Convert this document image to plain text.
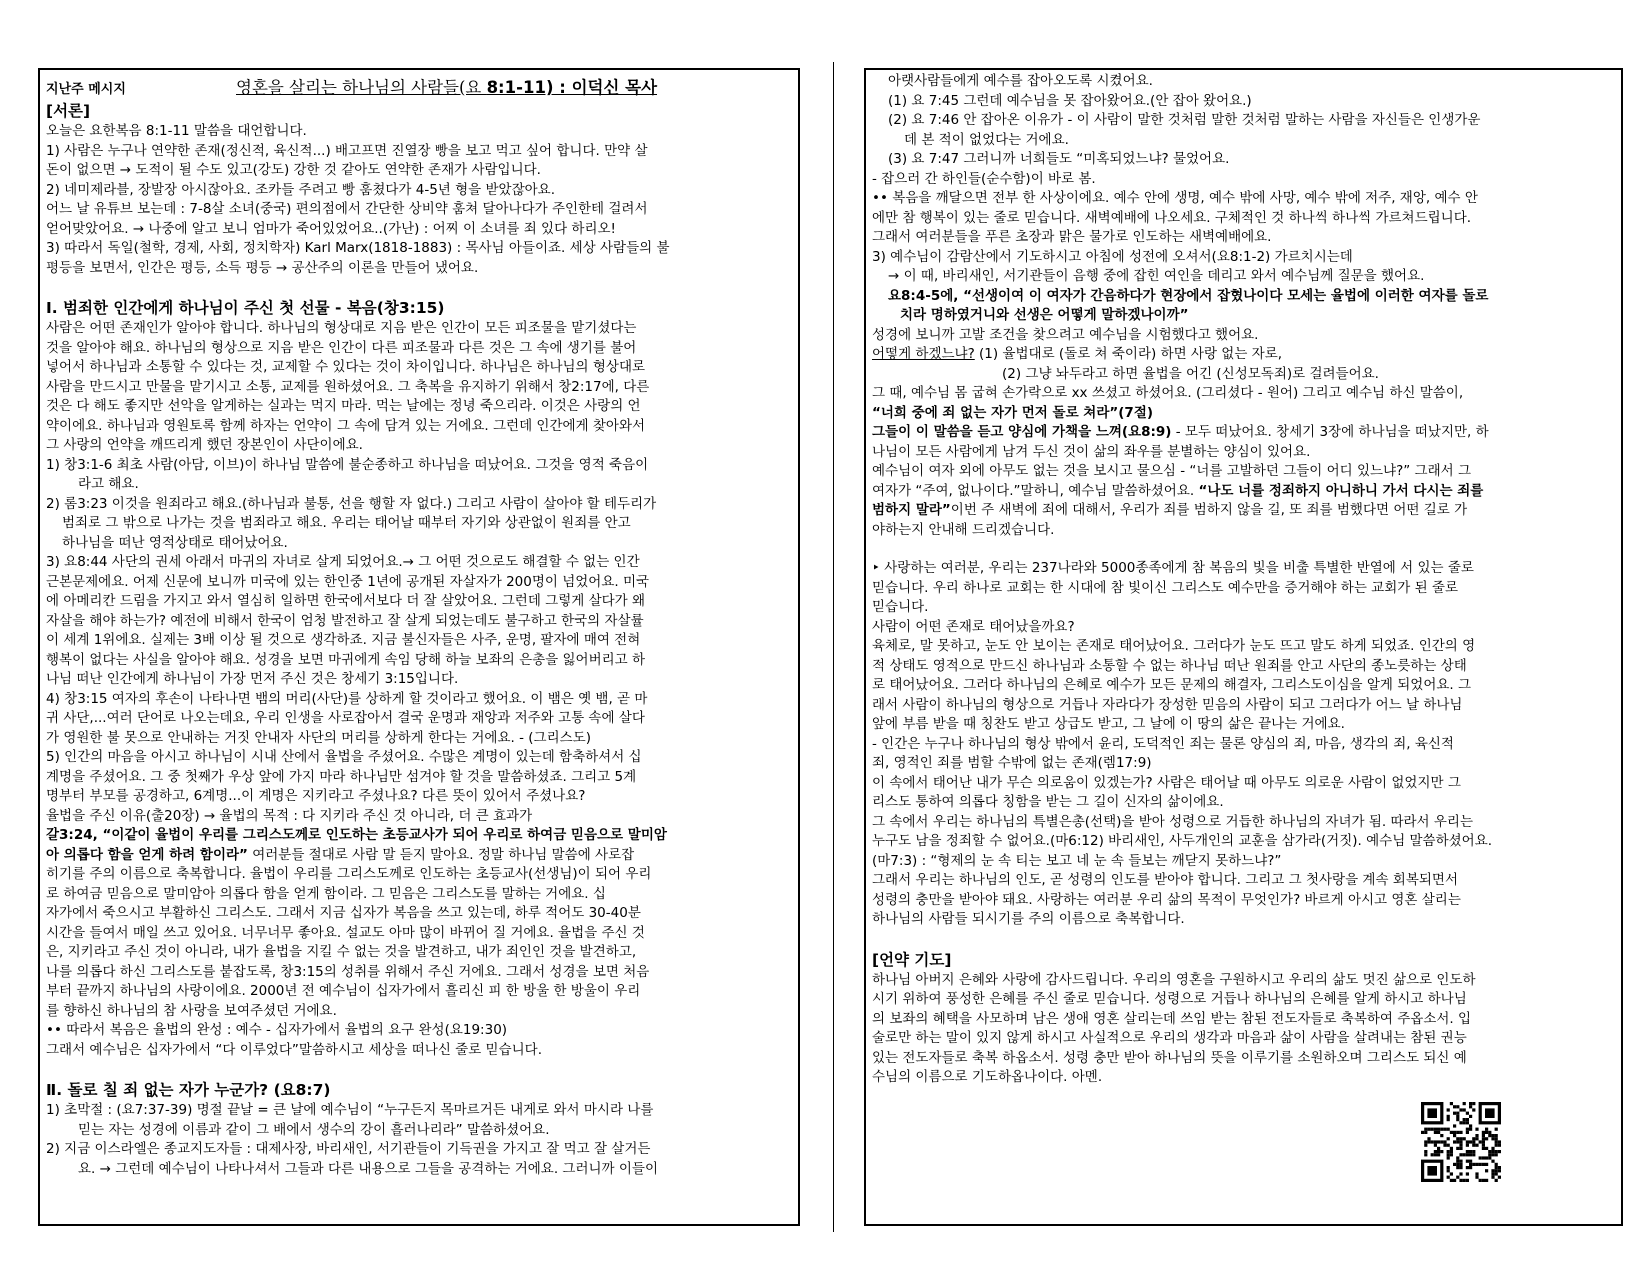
지난주 메시지	영혼을 살리는 하나님의 사람들(요 8:1-11) : 이덕신 목사
[서론]
오늘은 요한복음 8:1-11 말씀을 대언합니다.
1) 사람은 누구나 연약한 존재(정신적, 육신적...) 배고프면 진열장 빵을 보고 먹고 싶어 합니다. 만약 살
돈이 없으면 → 도적이 될 수도 있고(강도) 강한 것 같아도 연약한 존재가 사람입니다.
2) 네미제라블, 장발장 아시잖아요. 조카들 주려고 빵 훔쳤다가 4-5년 형을 받았잖아요.
어느 날 유튜브 보는데 : 7-8살 소녀(중국) 편의점에서 간단한 상비약 훔쳐 달아나다가 주인한테 걸려서
얻어맞았어요. → 나중에 알고 보니 엄마가 죽어있었어요..(가난) : 어찌 이 소녀를 죄 있다 하리오!
3) 따라서 독일(철학, 경제, 사회, 정치학자) Karl Marx(1818-1883) : 목사님 아들이죠. 세상 사람들의 불
평등을 보면서, 인간은 평등, 소득 평등 → 공산주의 이론을 만들어 냈어요.
Ⅰ. 범죄한 인간에게 하나님이 주신 첫 선물 - 복음(창3:15)
사람은 어떤 존재인가 알아야 합니다. 하나님의 형상대로 지음 받은 인간이 모든 피조물을 맡기셨다는
것을 알아야 해요. 하나님의 형상으로 지음 받은 인간이 다른 피조물과 다른 것은 그 속에 생기를 불어
넣어서 하나님과 소통할 수 있다는 것, 교제할 수 있다는 것이 차이입니다. 하나님은 하나님의 형상대로
사람을 만드시고 만물을 맡기시고 소통, 교제를 원하셨어요. 그 축복을 유지하기 위해서 창2:17에, 다른
것은 다 해도 좋지만 선악을 알게하는 실과는 먹지 마라. 먹는 날에는 정녕 죽으리라. 이것은 사랑의 언
약이에요. 하나님과 영원토록 함께 하자는 언약이 그 속에 담겨 있는 거에요. 그런데 인간에게 찾아와서
그 사랑의 언약을 깨뜨리게 했던 장본인이 사단이에요.
1) 창3:1-6 최초 사람(아담, 이브)이 하나님 말씀에 불순종하고 하나님을 떠났어요. 그것을 영적 죽음이
라고 해요.
2) 롬3:23 이것을 원죄라고 해요.(하나님과 불통, 선을 행할 자 없다.) 그리고 사람이 살아야 할 테두리가
범죄로 그 밖으로 나가는 것을 범죄라고 해요. 우리는 태어날 때부터 자기와 상관없이 원죄를 안고
하나님을 떠난 영적상태로 태어났어요.
3) 요8:44 사단의 권세 아래서 마귀의 자녀로 살게 되었어요.→ 그 어떤 것으로도 해결할 수 없는 인간
근본문제에요. 어제 신문에 보니까 미국에 있는 한인중 1년에 공개된 자살자가 200명이 넘었어요. 미국
에 아메리칸 드림을 가지고 와서 열심히 일하면 한국에서보다 더 잘 살았어요. 그런데 그렇게 살다가 왜
자살을 해야 하는가? 예전에 비해서 한국이 엄청 발전하고 잘 살게 되었는데도 불구하고 한국의 자살률
이 세계 1위에요. 실제는 3배 이상 될 것으로 생각하죠. 지금 불신자들은 사주, 운명, 팔자에 매여 전혀
행복이 없다는 사실을 알아야 해요. 성경을 보면 마귀에게 속임 당해 하늘 보좌의 은총을 잃어버리고 하
나님 떠난 인간에게 하나님이 가장 먼저 주신 것은 창세기 3:15입니다.
4) 창3:15 여자의 후손이 나타나면 뱀의 머리(사단)를 상하게 할 것이라고 했어요. 이 뱀은 옛 뱀, 곧 마
귀 사단,...여러 단어로 나오는데요, 우리 인생을 사로잡아서 결국 운명과 재앙과 저주와 고통 속에 살다
가 영원한 불 못으로 안내하는 거짓 안내자 사단의 머리를 상하게 한다는 거에요. - (그리스도)
5) 인간의 마음을 아시고 하나님이 시내 산에서 율법을 주셨어요. 수많은 계명이 있는데 함축하셔서 십
계명을 주셨어요. 그 중 첫째가 우상 앞에 가지 마라 하나님만 섬겨야 할 것을 말씀하셨죠. 그리고 5계
명부터 부모를 공경하고, 6계명...이 계명은 지키라고 주셨나요? 다른 뜻이 있어서 주셨나요?
율법을 주신 이유(출20장) → 율법의 목적 : 다 지키라 주신 것 아니라, 더 큰 효과가
갈3:24, “이같이 율법이 우리를 그리스도께로 인도하는 초등교사가 되어 우리로 하여금 믿음으로 말미암
아 의롭다 함을 얻게 하려 함이라” 여러분들 절대로 사람 말 듣지 말아요. 정말 하나님 말씀에 사로잡
히기를 주의 이름으로 축복합니다. 율법이 우리를 그리스도께로 인도하는 초등교사(선생님)이 되어 우리
로 하여금 믿음으로 말미암아 의롭다 함을 얻게 함이라. 그 믿음은 그리스도를 말하는 거에요. 십
자가에서 죽으시고 부활하신 그리스도. 그래서 지금 십자가 복음을 쓰고 있는데, 하루 적어도 30-40분
시간을 들여서 매일 쓰고 있어요. 너무너무 좋아요. 설교도 아마 많이 바뀌어 질 거에요. 율법을 주신 것
은, 지키라고 주신 것이 아니라, 내가 율법을 지킬 수 없는 것을 발견하고, 내가 죄인인 것을 발견하고,
나를 의롭다 하신 그리스도를 붙잡도록, 창3:15의 성취를 위해서 주신 거에요. 그래서 성경을 보면 처음
부터 끝까지 하나님의 사랑이에요. 2000년 전 예수님이 십자가에서 흘리신 피 한 방울 한 방울이 우리
를 향하신 하나님의 참 사랑을 보여주셨던 거에요.
•• 따라서 복음은 율법의 완성 : 예수 - 십자가에서 율법의 요구 완성(요19:30)
그래서 예수님은 십자가에서 “다 이루었다”말씀하시고 세상을 떠나신 줄로 믿습니다.
Ⅱ. 돌로 칠 죄 없는 자가 누군가? (요8:7)
1) 초막절 : (요7:37-39) 명절 끝날 = 큰 날에 예수님이 “누구든지 목마르거든 내게로 와서 마시라 나를
믿는 자는 성경에 이름과 같이 그 배에서 생수의 강이 흘러나리라” 말씀하셨어요.
2) 지금 이스라엘은 종교지도자들 : 대제사장, 바리새인, 서기관들이 기득권을 가지고 잘 먹고 잘 살거든
요. → 그런데 예수님이 나타나셔서 그들과 다른 내용으로 그들을 공격하는 거에요. 그러니까 이들이
아랫사람들에게 예수를 잡아오도록 시켰어요.
(1) 요 7:45 그런데 예수님을 못 잡아왔어요.(안 잡아 왔어요.)
(2) 요 7:46 안 잡아온 이유가 - 이 사람이 말한 것처럼 말한 것처럼 말하는 사람을 자신들은 인생가운
데 본 적이 없었다는 거에요.
(3) 요 7:47 그러니까 너희들도 “미혹되었느냐? 물었어요.
- 잡으러 간 하인들(순수함)이 바로 봄.
•• 복음을 깨달으면 전부 한 사상이에요. 예수 안에 생명, 예수 밖에 사망, 예수 밖에 저주, 재앙, 예수 안
에만 참 행복이 있는 줄로 믿습니다. 새벽예배에 나오세요. 구체적인 것 하나씩 하나씩 가르쳐드립니다.
그래서 여러분들을 푸른 초장과 맑은 물가로 인도하는 새벽예배에요.
3) 예수님이 감람산에서 기도하시고 아침에 성전에 오셔서(요8:1-2) 가르치시는데
→ 이 때, 바리새인, 서기관들이 음행 중에 잡힌 여인을 데리고 와서 예수님께 질문을 했어요.
요8:4-5에, “선생이여 이 여자가 간음하다가 현장에서 잡혔나이다 모세는 율법에 이러한 여자를 돌로
치라 명하였거니와 선생은 어떻게 말하겠나이까”
성경에 보니까 고발 조건을 찾으려고 예수님을 시험했다고 했어요.
어떻게 하겠느냐? (1) 율법대로 (돌로 쳐 죽이라) 하면 사랑 없는 자로,
(2) 그냥 놔두라고 하면 율법을 어긴 (신성모독죄)로 걸려들어요.
그 때, 예수님 몸 굽혀 손가락으로 xx 쓰셨고 하셨어요. (그리셨다 - 원어) 그리고 예수님 하신 말씀이,
“너희 중에 죄 없는 자가 먼저 돌로 쳐라”(7절)
그들이 이 말씀을 듣고 양심에 가책을 느껴(요8:9) - 모두 떠났어요. 창세기 3장에 하나님을 떠났지만, 하
나님이 모든 사람에게 남겨 두신 것이 삶의 좌우를 분별하는 양심이 있어요.
예수님이 여자 외에 아무도 없는 것을 보시고 물으심 - “너를 고발하던 그들이 어디 있느냐?” 그래서 그
여자가 “주여, 없나이다.”말하니, 예수님 말씀하셨어요. “나도 너를 정죄하지 아니하니 가서 다시는 죄를
범하지 말라”이번 주 새벽에 죄에 대해서, 우리가 죄를 범하지 않을 길, 또 죄를 범했다면 어떤 길로 가
야하는지 안내해 드리겠습니다.
‣ 사랑하는 여러분, 우리는 237나라와 5000종족에게 참 복음의 빛을 비출 특별한 반열에 서 있는 줄로
믿습니다. 우리 하나로 교회는 한 시대에 참 빛이신 그리스도 예수만을 증거해야 하는 교회가 된 줄로
믿습니다.
사람이 어떤 존재로 태어났을까요?
육체로, 말 못하고, 눈도 안 보이는 존재로 태어났어요. 그러다가 눈도 뜨고 말도 하게 되었죠. 인간의 영
적 상태도 영적으로 만드신 하나님과 소통할 수 없는 하나님 떠난 원죄를 안고 사단의 종노릇하는 상태
로 태어났어요. 그러다 하나님의 은혜로 예수가 모든 문제의 해결자, 그리스도이심을 알게 되었어요. 그
래서 사람이 하나님의 형상으로 거듭나 자라다가 장성한 믿음의 사람이 되고 그러다가 어느 날 하나님
앞에 부름 받을 때 칭찬도 받고 상급도 받고, 그 날에 이 땅의 삶은 끝나는 거에요.
- 인간은 누구나 하나님의 형상 밖에서 윤리, 도덕적인 죄는 물론 양심의 죄, 마음, 생각의 죄, 육신적
죄, 영적인 죄를 범할 수밖에 없는 존재(렘17:9)
이 속에서 태어난 내가 무슨 의로움이 있겠는가? 사람은 태어날 때 아무도 의로운 사람이 없었지만 그
리스도 통하여 의롭다 칭함을 받는 그 길이 신자의 삶이에요.
그 속에서 우리는 하나님의 특별은총(선택)을 받아 성령으로 거듭한 하나님의 자녀가 됨. 따라서 우리는
누구도 남을 정죄할 수 없어요.(마6:12) 바리새인, 사두개인의 교훈을 삼가라(거짓). 예수님 말씀하셨어요.
(마7:3) : “형제의 눈 속 티는 보고 네 눈 속 들보는 깨닫지 못하느냐?”
그래서 우리는 하나님의 인도, 곧 성령의 인도를 받아야 합니다. 그리고 그 첫사랑을 계속 회복되면서
성령의 충만을 받아야 돼요. 사랑하는 여러분 우리 삶의 목적이 무엇인가? 바르게 아시고 영혼 살리는
하나님의 사람들 되시기를 주의 이름으로 축복합니다.
[언약 기도]
하나님 아버지 은혜와 사랑에 감사드립니다. 우리의 영혼을 구원하시고 우리의 삶도 멋진 삶으로 인도하
시기 위하여 풍성한 은혜를 주신 줄로 믿습니다. 성령으로 거듭나 하나님의 은혜를 알게 하시고 하나님
의 보좌의 혜택을 사모하며 남은 생애 영혼 살리는데 쓰임 받는 참된 전도자들로 축복하여 주옵소서. 입
술로만 하는 말이 있지 않게 하시고 사실적으로 우리의 생각과 마음과 삶이 사람을 살려내는 참된 권능
있는 전도자들로 축복 하옵소서. 성령 충만 받아 하나님의 뜻을 이루기를 소원하오며 그리스도 되신 예
수님의 이름으로 기도하옵나이다. 아멘.
